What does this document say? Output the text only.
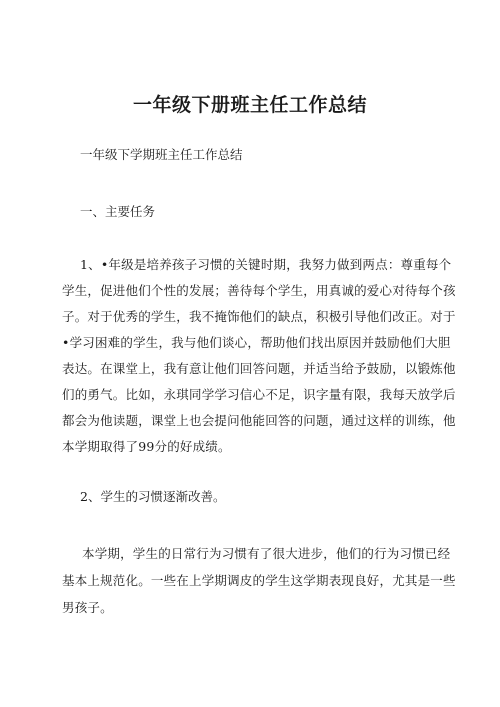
一年级下册班主任工作总结
一年级下学期班主任工作总结
一、主要任务
1、•年级是培养孩子习惯的关键时期，我努力做到两点：尊重每个
学生，促进他们个性的发展；善待每个学生，用真诚的爱心对待每个孩
子。对于优秀的学生，我不掩饰他们的缺点，积极引导他们改正。对于
•学习困难的学生，我与他们谈心，帮助他们找出原因并鼓励他们大胆
表达。在课堂上，我有意让他们回答问题，并适当给予鼓励，以锻炼他
们的勇气。比如，永琪同学学习信心不足，识字量有限，我每天放学后
都会为他读题，课堂上也会提问他能回答的问题，通过这样的训练，他
本学期取得了99分的好成绩。
2、学生的习惯逐渐改善。
本学期，学生的日常行为习惯有了很大进步，他们的行为习惯已经
基本上规范化。一些在上学期调皮的学生这学期表现良好，尤其是一些
男孩子。
